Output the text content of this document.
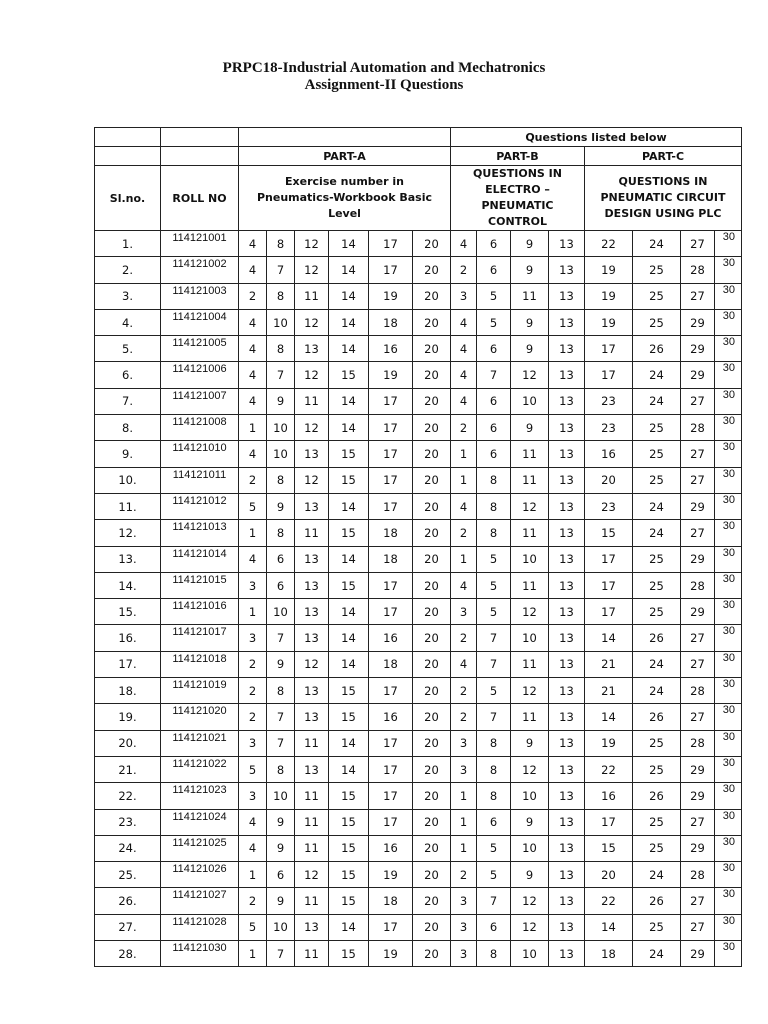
PRPC18-Industrial Automation and Mechatronics
Assignment-II Questions
								Questions listed below							
		PART-A						PART-B				PART-C			
Sl.no.	ROLL NO	Exercise number in Pneumatics-Workbook Basic Level						QUESTIONS IN ELECTRO – PNEUMATIC CONTROL				QUESTIONS IN PNEUMATIC CIRCUIT DESIGN USING PLC			
1.	114121001	4	8	12	14	17	20	4	6	9	13	22	24	27	30
2.	114121002	4	7	12	14	17	20	2	6	9	13	19	25	28	30
3.	114121003	2	8	11	14	19	20	3	5	11	13	19	25	27	30
4.	114121004	4	10	12	14	18	20	4	5	9	13	19	25	29	30
5.	114121005	4	8	13	14	16	20	4	6	9	13	17	26	29	30
6.	114121006	4	7	12	15	19	20	4	7	12	13	17	24	29	30
7.	114121007	4	9	11	14	17	20	4	6	10	13	23	24	27	30
8.	114121008	1	10	12	14	17	20	2	6	9	13	23	25	28	30
9.	114121010	4	10	13	15	17	20	1	6	11	13	16	25	27	30
10.	114121011	2	8	12	15	17	20	1	8	11	13	20	25	27	30
11.	114121012	5	9	13	14	17	20	4	8	12	13	23	24	29	30
12.	114121013	1	8	11	15	18	20	2	8	11	13	15	24	27	30
13.	114121014	4	6	13	14	18	20	1	5	10	13	17	25	29	30
14.	114121015	3	6	13	15	17	20	4	5	11	13	17	25	28	30
15.	114121016	1	10	13	14	17	20	3	5	12	13	17	25	29	30
16.	114121017	3	7	13	14	16	20	2	7	10	13	14	26	27	30
17.	114121018	2	9	12	14	18	20	4	7	11	13	21	24	27	30
18.	114121019	2	8	13	15	17	20	2	5	12	13	21	24	28	30
19.	114121020	2	7	13	15	16	20	2	7	11	13	14	26	27	30
20.	114121021	3	7	11	14	17	20	3	8	9	13	19	25	28	30
21.	114121022	5	8	13	14	17	20	3	8	12	13	22	25	29	30
22.	114121023	3	10	11	15	17	20	1	8	10	13	16	26	29	30
23.	114121024	4	9	11	15	17	20	1	6	9	13	17	25	27	30
24.	114121025	4	9	11	15	16	20	1	5	10	13	15	25	29	30
25.	114121026	1	6	12	15	19	20	2	5	9	13	20	24	28	30
26.	114121027	2	9	11	15	18	20	3	7	12	13	22	26	27	30
27.	114121028	5	10	13	14	17	20	3	6	12	13	14	25	27	30
28.	114121030	1	7	11	15	19	20	3	8	10	13	18	24	29	30
